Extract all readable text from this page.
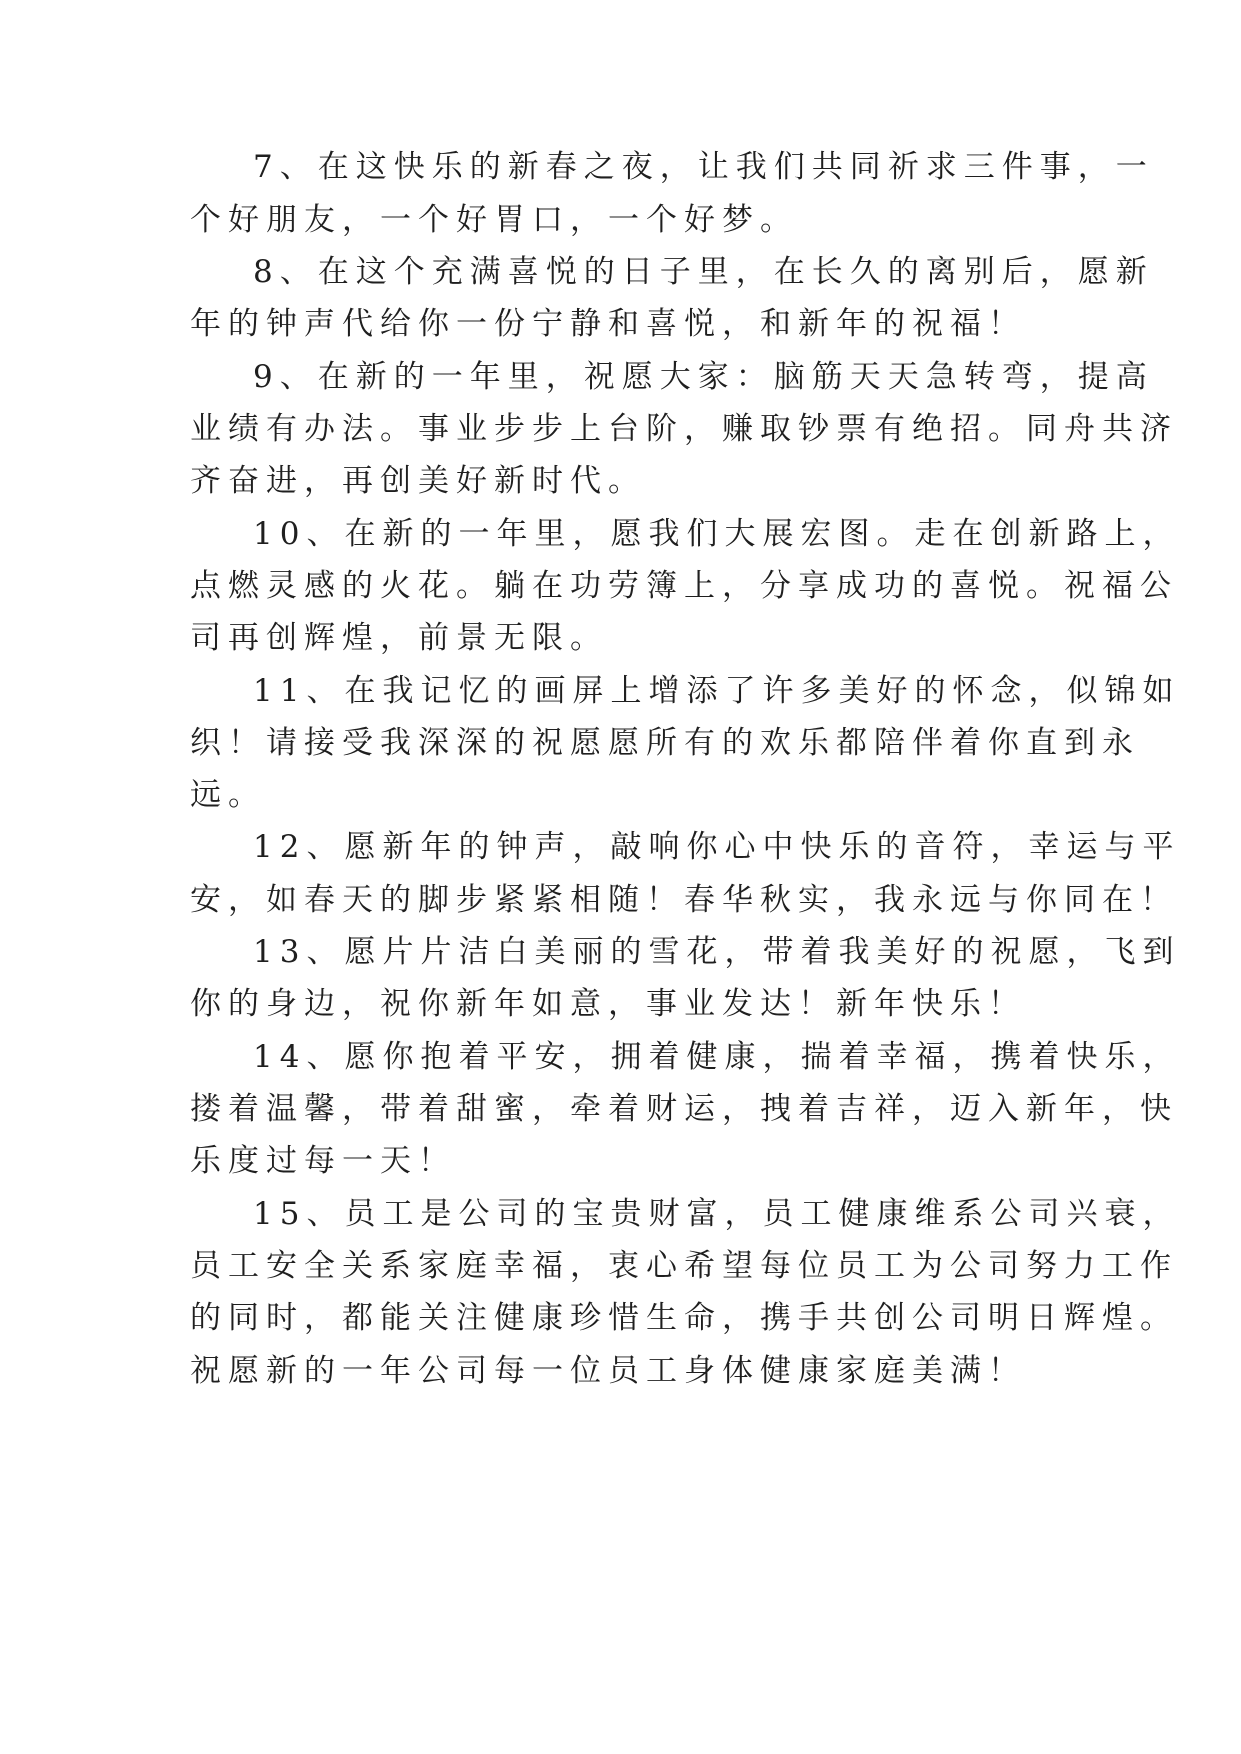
7、在这快乐的新春之夜，让我们共同祈求三件事，一
个好朋友，一个好胃口，一个好梦。
8、在这个充满喜悦的日子里，在长久的离别后，愿新
年的钟声代给你一份宁静和喜悦，和新年的祝福！
9、在新的一年里，祝愿大家：脑筋天天急转弯，提高
业绩有办法。事业步步上台阶，赚取钞票有绝招。同舟共济
齐奋进，再创美好新时代。
10、在新的一年里，愿我们大展宏图。走在创新路上，
点燃灵感的火花。躺在功劳簿上，分享成功的喜悦。祝福公
司再创辉煌，前景无限。
11、在我记忆的画屏上增添了许多美好的怀念，似锦如
织！请接受我深深的祝愿愿所有的欢乐都陪伴着你直到永
远。
12、愿新年的钟声，敲响你心中快乐的音符，幸运与平
安，如春天的脚步紧紧相随！春华秋实，我永远与你同在！
13、愿片片洁白美丽的雪花，带着我美好的祝愿，飞到
你的身边，祝你新年如意，事业发达！新年快乐！
14、愿你抱着平安，拥着健康，揣着幸福，携着快乐，
搂着温馨，带着甜蜜，牵着财运，拽着吉祥，迈入新年，快
乐度过每一天！
15、员工是公司的宝贵财富，员工健康维系公司兴衰，
员工安全关系家庭幸福，衷心希望每位员工为公司努力工作
的同时，都能关注健康珍惜生命，携手共创公司明日辉煌。
祝愿新的一年公司每一位员工身体健康家庭美满！
